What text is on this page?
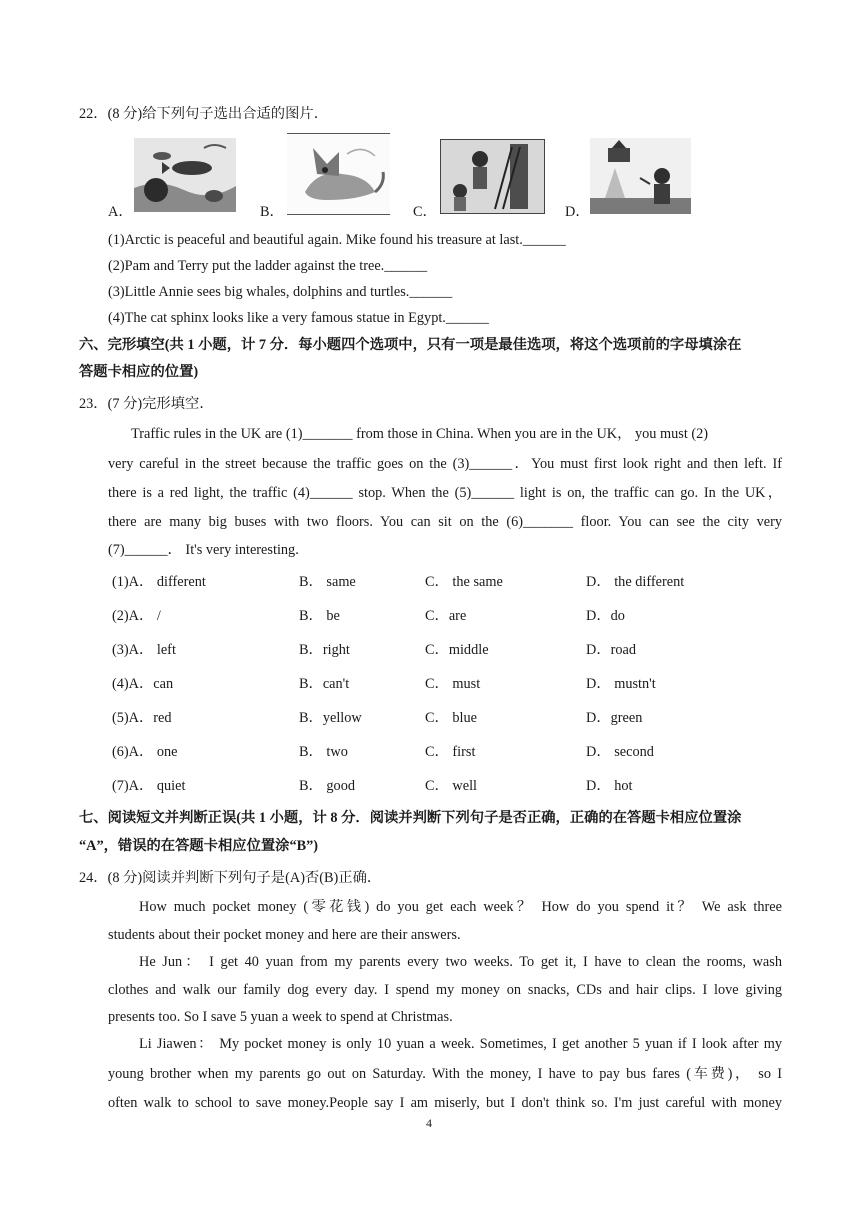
22．(8 分)给下列句子选出合适的图片．
A．	B．	C．	D．
(1)Arctic is peaceful and beautiful again. Mike found his treasure at last.______
(2)Pam and Terry put the ladder against the tree.______
(3)Little Annie sees big whales, dolphins and turtles.______
(4)The cat sphinx looks like a very famous statue in Egypt.______
六、完形填空(共 1 小题，计 7 分．每小题四个选项中，只有一项是最佳选项，将这个选项前的字母填涂在
答题卡相应的位置)
23．(7 分)完形填空．
Traffic rules in the UK are (1)_______ from those in China. When you are in the UK， you must (2)
very careful in the street because the traffic goes on the (3)______．You must first look right and then left. If
there is a red light, the traffic (4)______ stop. When the (5)______ light is on, the traffic can go. In the UK，
there are many big buses with two floors. You can sit on the (6)_______ floor. You can see the city very
(7)______． It's very interesting.
(1)A． different	B． same	C． the same	D． the different
(2)A． /	B． be	C．are	D．do
(3)A． left	B．right	C．middle	D．road
(4)A．can	B．can't	C． must	D． mustn't
(5)A．red	B．yellow	C． blue	D．green
(6)A． one	B． two	C． first	D． second
(7)A． quiet	B． good	C． well	D． hot
七、阅读短文并判断正误(共 1 小题，计 8 分．阅读并判断下列句子是否正确，正确的在答题卡相应位置涂
“A”，错误的在答题卡相应位置涂“B”)
24．(8 分)阅读并判断下列句子是(A)否(B)正确．
How much pocket money (零花钱) do you get each week？ How do you spend it？ We ask three
students about their pocket money and here are their answers.
He Jun： I get 40 yuan from my parents every two weeks. To get it, I have to clean the rooms, wash
clothes and walk our family dog every day. I spend my money on snacks, CDs and hair clips. I love giving
presents too. So I save 5 yuan a week to spend at Christmas.
Li Jiawen： My pocket money is only 10 yuan a week. Sometimes, I get another 5 yuan if I look after my
young brother when my parents go out on Saturday. With the money, I have to pay bus fares (车费)， so I
often walk to school to save money.People say I am miserly, but I don't think so. I'm just careful with money
4
